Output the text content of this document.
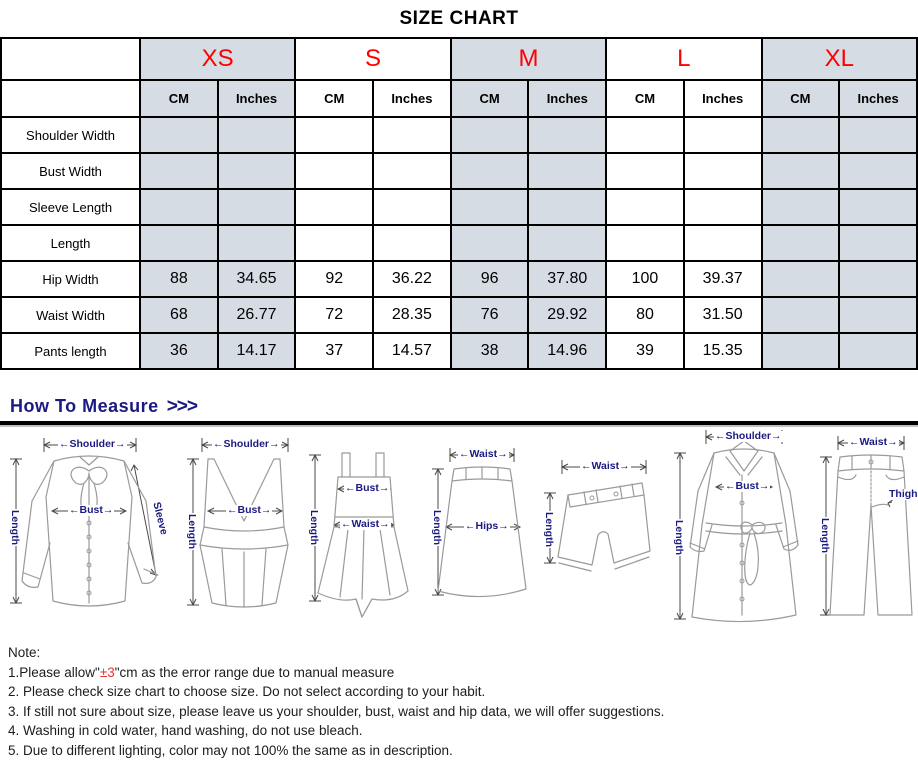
SIZE CHART
	XS		S		M		L		XL	
	CM	Inches	CM	Inches	CM	Inches	CM	Inches	CM	Inches
Shoulder Width										
Bust Width										
Sleeve Length										
Length										
Hip Width	88	34.65	92	36.22	96	37.80	100	39.37		
Waist Width	68	26.77	72	28.35	76	29.92	80	31.50		
Pants length	36	14.17	37	14.57	38	14.96	39	15.35		
How To Measure >>>
← Shoulder →
← Bust →
Length	Sleeve
← Shoulder →
← Bust →
Length
← Bust →
← Waist →
Length
← Waist →
← Hips →
Length
← Waist →
Length
← Shoulder →
← Bust →
Length
← Waist →
Thigh
Length
Note:
1.Please allow"±3"cm as the error range due to manual measure
2. Please check size chart to choose size. Do not select according to your habit.
3. If still not sure about size, please leave us your shoulder, bust, waist and hip data, we will offer suggestions.
4. Washing in cold water, hand washing, do not use bleach.
5. Due to different lighting, color may not 100% the same as in description.
